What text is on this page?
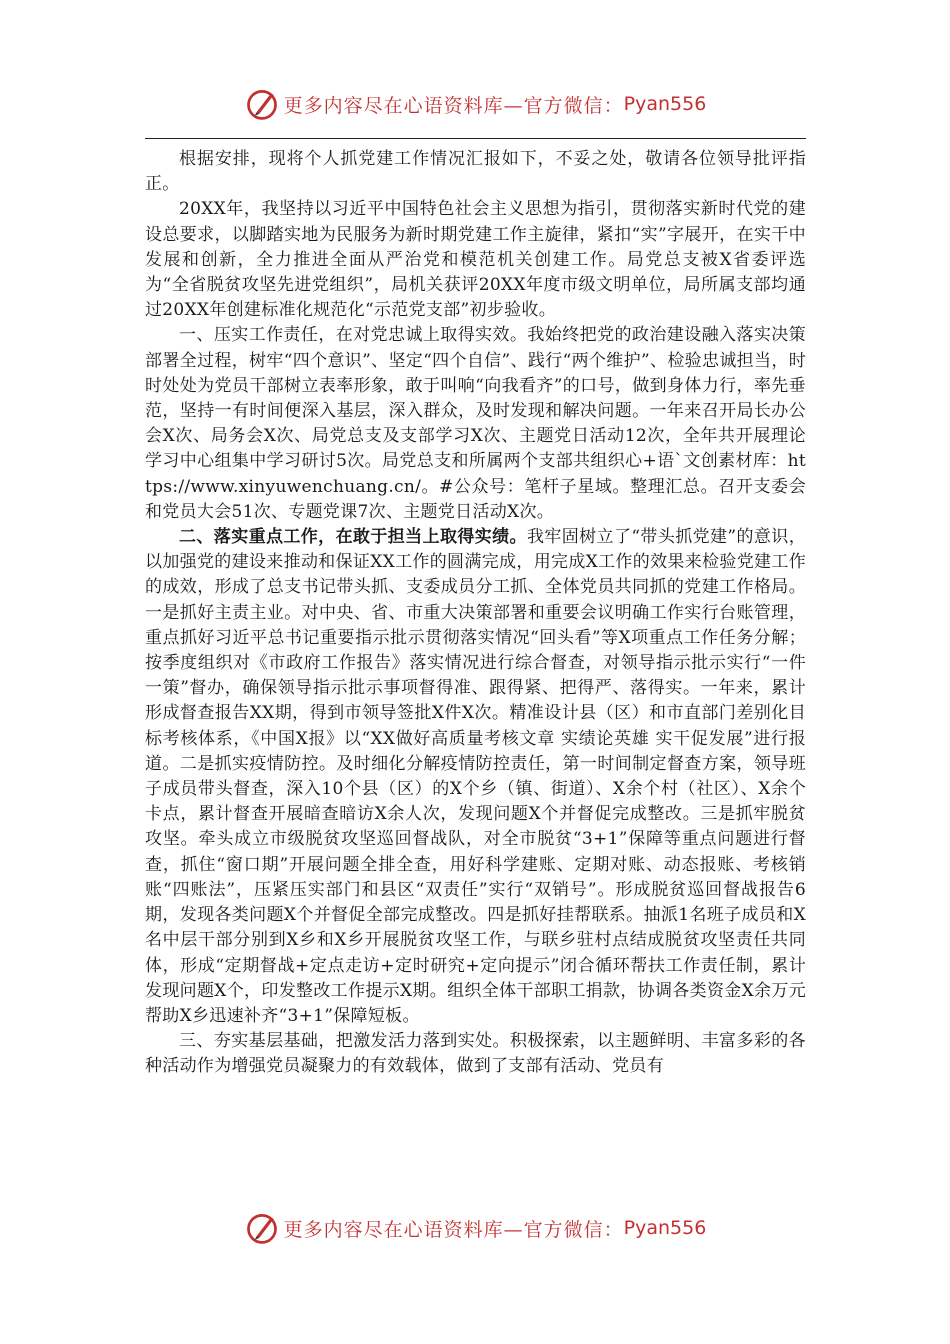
更多内容尽在心语资料库—官方微信： Pyan556

根据安排，现将个人抓党建工作情况汇报如下，不妥之处，敬请各位领导批评指正。

20XX年，我坚持以习近平中国特色社会主义思想为指引，贯彻落实新时代党的建设总要求，以脚踏实地为民服务为新时期党建工作主旋律，紧扣“实”字展开，在实干中发展和创新，全力推进全面从严治党和模范机关创建工作。局党总支被X省委评选为“全省脱贫攻坚先进党组织”，局机关获评20XX年度市级文明单位，局所属支部均通过20XX年创建标准化规范化“示范党支部”初步验收。

一、压实工作责任，在对党忠诚上取得实效。我始终把党的政治建设融入落实决策部署全过程，树牢“四个意识”、坚定“四个自信”、践行“两个维护”、检验忠诚担当，时时处处为党员干部树立表率形象，敢于叫响“向我看齐”的口号，做到身体力行，率先垂范，坚持一有时间便深入基层，深入群众，及时发现和解决问题。一年来召开局长办公会X次、局务会X次、局党总支及支部学习X次、主题党日活动12次，全年共开展理论学习中心组集中学习研讨5次。局党总支和所属两个支部共组织心+语`文创素材库：https://www.xinyuwenchuang.cn/。#公众号：笔杆子星域。整理汇总。召开支委会和党员大会51次、专题党课7次、主题党日活动X次。

二、落实重点工作，在敢于担当上取得实绩。我牢固树立了“带头抓党建”的意识，以加强党的建设来推动和保证XX工作的圆满完成，用完成X工作的效果来检验党建工作的成效，形成了总支书记带头抓、支委成员分工抓、全体党员共同抓的党建工作格局。一是抓好主责主业。对中央、省、市重大决策部署和重要会议明确工作实行台账管理，重点抓好习近平总书记重要指示批示贯彻落实情况“回头看”等X项重点工作任务分解；按季度组织对《市政府工作报告》落实情况进行综合督查，对领导指示批示实行“一件一策”督办，确保领导指示批示事项督得准、跟得紧、把得严、落得实。一年来，累计形成督查报告XX期，得到市领导签批X件X次。精准设计县（区）和市直部门差别化目标考核体系，《中国X报》以“XX做好高质量考核文章 实绩论英雄 实干促发展”进行报道。二是抓实疫情防控。及时细化分解疫情防控责任，第一时间制定督查方案，领导班子成员带头督查，深入10个县（区）的X个乡（镇、街道）、X余个村（社区）、X余个卡点，累计督查开展暗查暗访X余人次，发现问题X个并督促完成整改。三是抓牢脱贫攻坚。牵头成立市级脱贫攻坚巡回督战队，对全市脱贫“3+1”保障等重点问题进行督查，抓住“窗口期”开展问题全排全查，用好科学建账、定期对账、动态报账、考核销账“四账法”，压紧压实部门和县区“双责任”实行“双销号”。形成脱贫巡回督战报告6期，发现各类问题X个并督促全部完成整改。四是抓好挂帮联系。抽派1名班子成员和X名中层干部分别到X乡和X乡开展脱贫攻坚工作，与联乡驻村点结成脱贫攻坚责任共同体，形成“定期督战+定点走访+定时研究+定向提示”闭合循环帮扶工作责任制，累计发现问题X个，印发整改工作提示X期。组织全体干部职工捐款，协调各类资金X余万元帮助X乡迅速补齐“3+1”保障短板。

三、夯实基层基础，把激发活力落到实处。积极探索，以主题鲜明、丰富多彩的各种活动作为增强党员凝聚力的有效载体，做到了支部有活动、党员有

更多内容尽在心语资料库—官方微信： Pyan556
